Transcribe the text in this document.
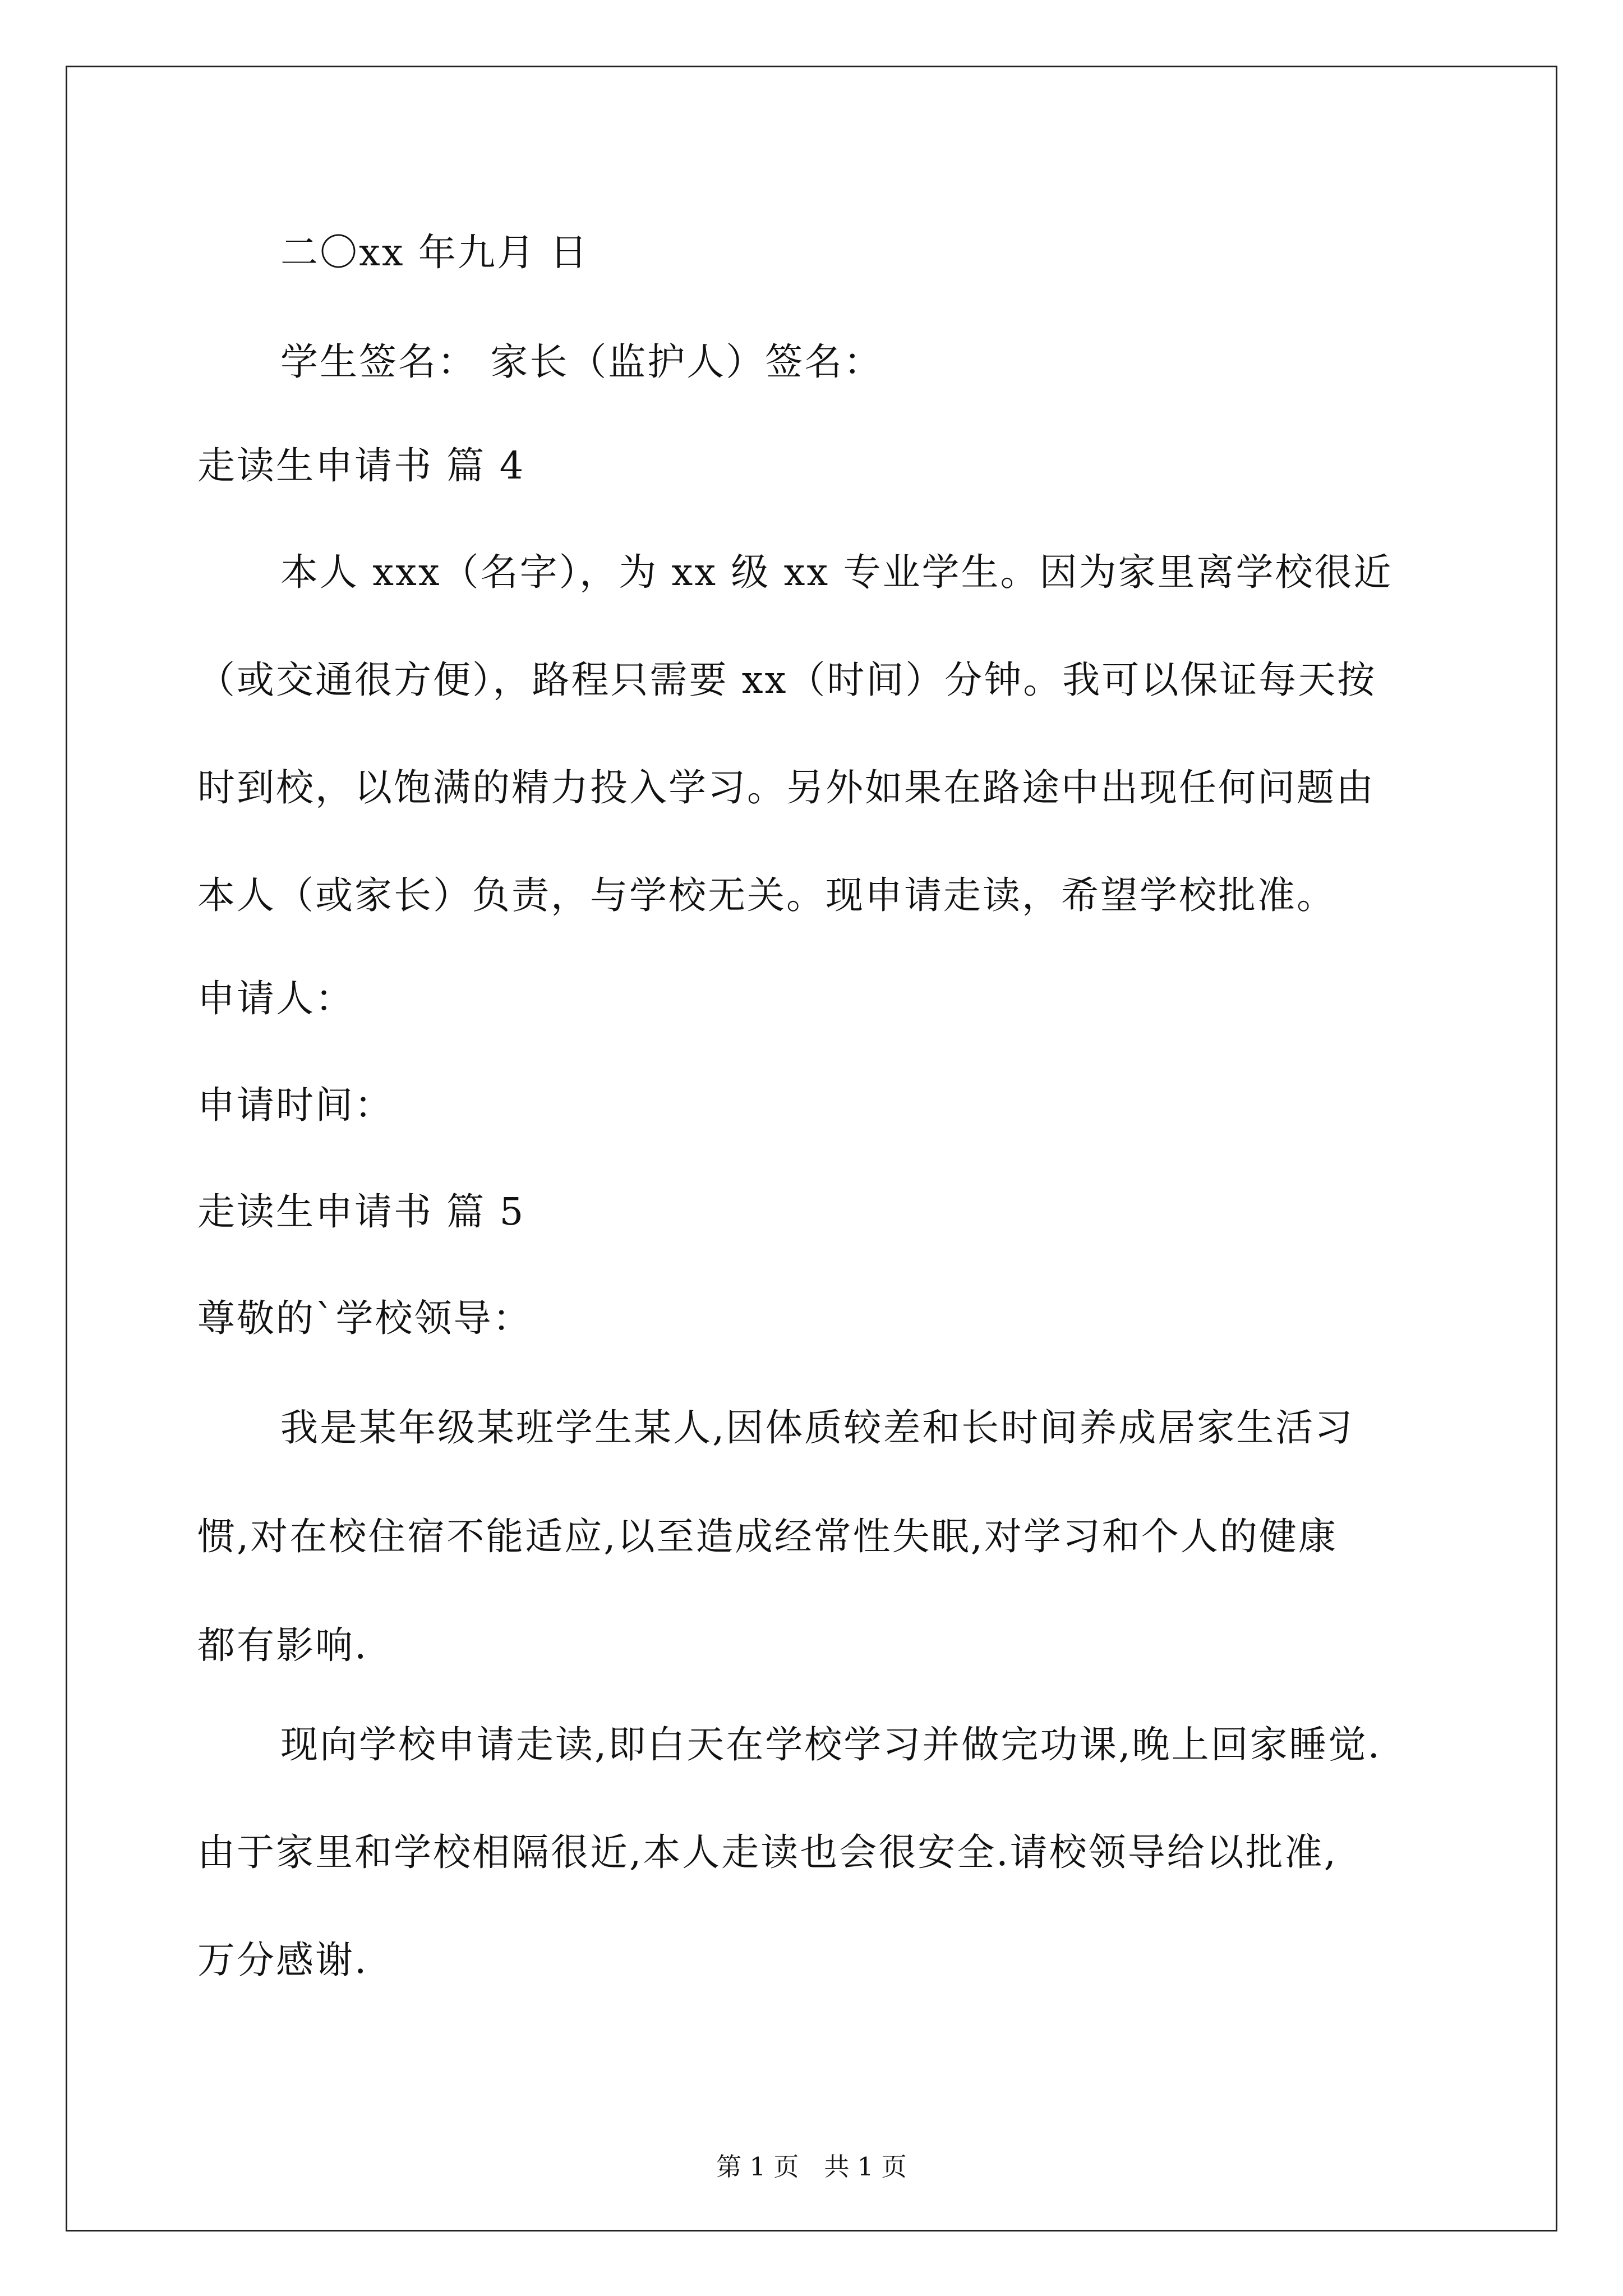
二〇xx 年九月 日
学生签名： 家长（监护人）签名：
走读生申请书 篇 4
本人 xxx（名字），为 xx 级 xx 专业学生。因为家里离学校很近
（或交通很方便），路程只需要 xx（时间）分钟。我可以保证每天按
时到校，以饱满的精力投入学习。另外如果在路途中出现任何问题由
本人（或家长）负责，与学校无关。现申请走读，希望学校批准。
申请人：
申请时间：
走读生申请书 篇 5
尊敬的`学校领导：
我是某年级某班学生某人,因体质较差和长时间养成居家生活习
惯,对在校住宿不能适应,以至造成经常性失眠,对学习和个人的健康
都有影响.
现向学校申请走读,即白天在学校学习并做完功课,晚上回家睡觉.
由于家里和学校相隔很近,本人走读也会很安全.请校领导给以批准,
万分感谢.
第 1 页　共 1 页
